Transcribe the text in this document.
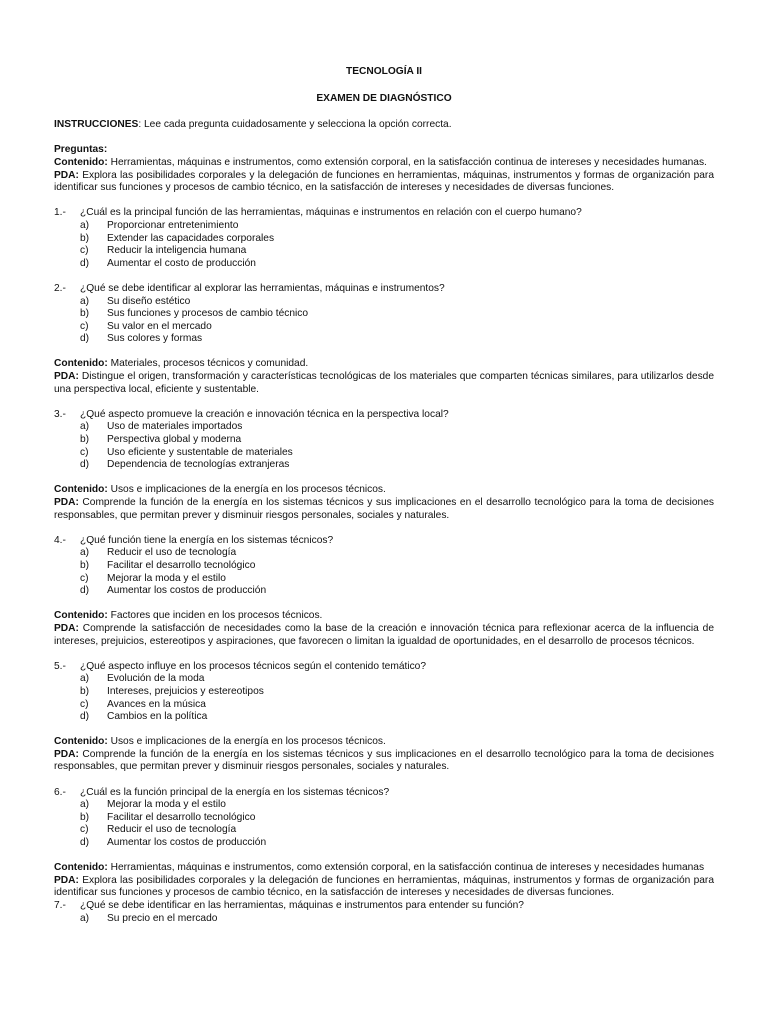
TECNOLOGÍA II
EXAMEN DE DIAGNÓSTICO

INSTRUCCIONES: Lee cada pregunta cuidadosamente y selecciona la opción correcta.

Preguntas:

Contenido: Herramientas, máquinas e instrumentos, como extensión corporal, en la satisfacción continua de intereses y necesidades humanas.

PDA: Explora las posibilidades corporales y la delegación de funciones en herramientas, máquinas, instrumentos y formas de organización para identificar sus funciones y procesos de cambio técnico, en la satisfacción de intereses y necesidades de diversas funciones.

1.-	¿Cuál es la principal función de las herramientas, máquinas e instrumentos en relación con el cuerpo humano?
a)	Proporcionar entretenimiento
b)	Extender las capacidades corporales
c)	Reducir la inteligencia humana
d)	Aumentar el costo de producción
2.-	¿Qué se debe identificar al explorar las herramientas, máquinas e instrumentos?
a)	Su diseño estético
b)	Sus funciones y procesos de cambio técnico
c)	Su valor en el mercado
d)	Sus colores y formas

Contenido: Materiales, procesos técnicos y comunidad.

PDA: Distingue el origen, transformación y características tecnológicas de los materiales que comparten técnicas similares, para utilizarlos desde una perspectiva local, eficiente y sustentable.

3.-	¿Qué aspecto promueve la creación e innovación técnica en la perspectiva local?
a)	Uso de materiales importados
b)	Perspectiva global y moderna
c)	Uso eficiente y sustentable de materiales
d)	Dependencia de tecnologías extranjeras

Contenido: Usos e implicaciones de la energía en los procesos técnicos.

PDA: Comprende la función de la energía en los sistemas técnicos y sus implicaciones en el desarrollo tecnológico para la toma de decisiones responsables, que permitan prever y disminuir riesgos personales, sociales y naturales.

4.-	¿Qué función tiene la energía en los sistemas técnicos?
a)	Reducir el uso de tecnología
b)	Facilitar el desarrollo tecnológico
c)	Mejorar la moda y el estilo
d)	Aumentar los costos de producción

Contenido: Factores que inciden en los procesos técnicos.

PDA: Comprende la satisfacción de necesidades como la base de la creación e innovación técnica para reflexionar acerca de la influencia de intereses, prejuicios, estereotipos y aspiraciones, que favorecen o limitan la igualdad de oportunidades, en el desarrollo de procesos técnicos.

5.-	¿Qué aspecto influye en los procesos técnicos según el contenido temático?
a)	Evolución de la moda
b)	Intereses, prejuicios y estereotipos
c)	Avances en la música
d)	Cambios en la política

Contenido: Usos e implicaciones de la energía en los procesos técnicos.

PDA: Comprende la función de la energía en los sistemas técnicos y sus implicaciones en el desarrollo tecnológico para la toma de decisiones responsables, que permitan prever y disminuir riesgos personales, sociales y naturales.

6.-	¿Cuál es la función principal de la energía en los sistemas técnicos?
a)	Mejorar la moda y el estilo
b)	Facilitar el desarrollo tecnológico
c)	Reducir el uso de tecnología
d)	Aumentar los costos de producción

Contenido: Herramientas, máquinas e instrumentos, como extensión corporal, en la satisfacción continua de intereses y necesidades humanas

PDA: Explora las posibilidades corporales y la delegación de funciones en herramientas, máquinas, instrumentos y formas de organización para identificar sus funciones y procesos de cambio técnico, en la satisfacción de intereses y necesidades de diversas funciones.

7.-	¿Qué se debe identificar en las herramientas, máquinas e instrumentos para entender su función?
a)	Su precio en el mercado
